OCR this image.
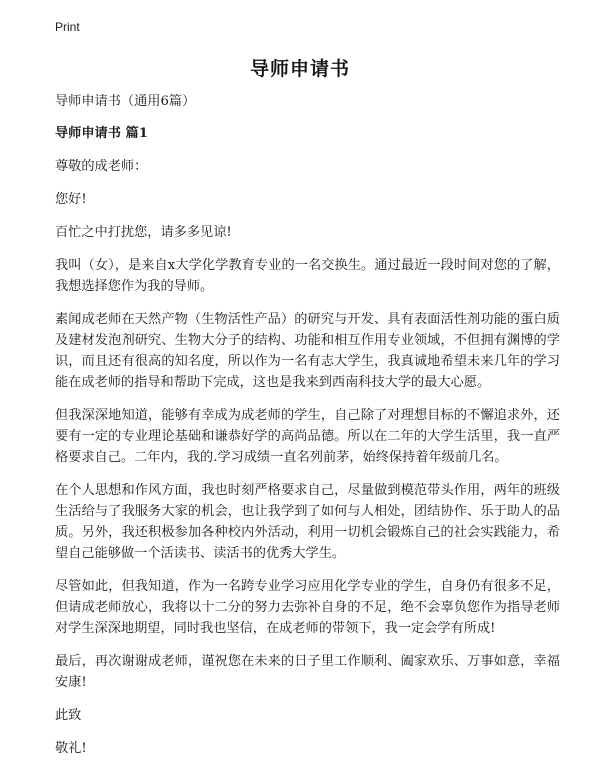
Print
导师申请书
导师申请书（通用6篇）
导师申请书 篇1
尊敬的成老师：
您好!
百忙之中打扰您，请多多见谅!
我叫（女），是来自x大学化学教育专业的一名交换生。通过最近一段时间对您的了解，我想选择您作为我的导师。
素闻成老师在天然产物（生物活性产品）的研究与开发、具有表面活性剂功能的蛋白质及建材发泡剂研究、生物大分子的结构、功能和相互作用专业领域，不但拥有渊博的学识，而且还有很高的知名度，所以作为一名有志大学生，我真诚地希望未来几年的学习能在成老师的指导和帮助下完成，这也是我来到西南科技大学的最大心愿。
但我深深地知道，能够有幸成为成老师的学生，自己除了对理想目标的不懈追求外，还要有一定的专业理论基础和谦恭好学的高尚品德。所以在二年的大学生活里，我一直严格要求自己。二年内，我的.学习成绩一直名列前茅，始终保持着年级前几名。
在个人思想和作风方面，我也时刻严格要求自己，尽量做到模范带头作用，两年的班级生活给与了我服务大家的机会，也让我学到了如何与人相处，团结协作、乐于助人的品质。另外，我还积极参加各种校内外活动，利用一切机会锻炼自己的社会实践能力，希望自己能够做一个活读书、读活书的优秀大学生。
尽管如此，但我知道，作为一名跨专业学习应用化学专业的学生，自身仍有很多不足，但请成老师放心，我将以十二分的努力去弥补自身的不足，绝不会辜负您作为指导老师对学生深深地期望，同时我也坚信，在成老师的带领下，我一定会学有所成!
最后，再次谢谢成老师，谨祝您在未来的日子里工作顺利、阖家欢乐、万事如意，幸福安康!
此致
敬礼!
